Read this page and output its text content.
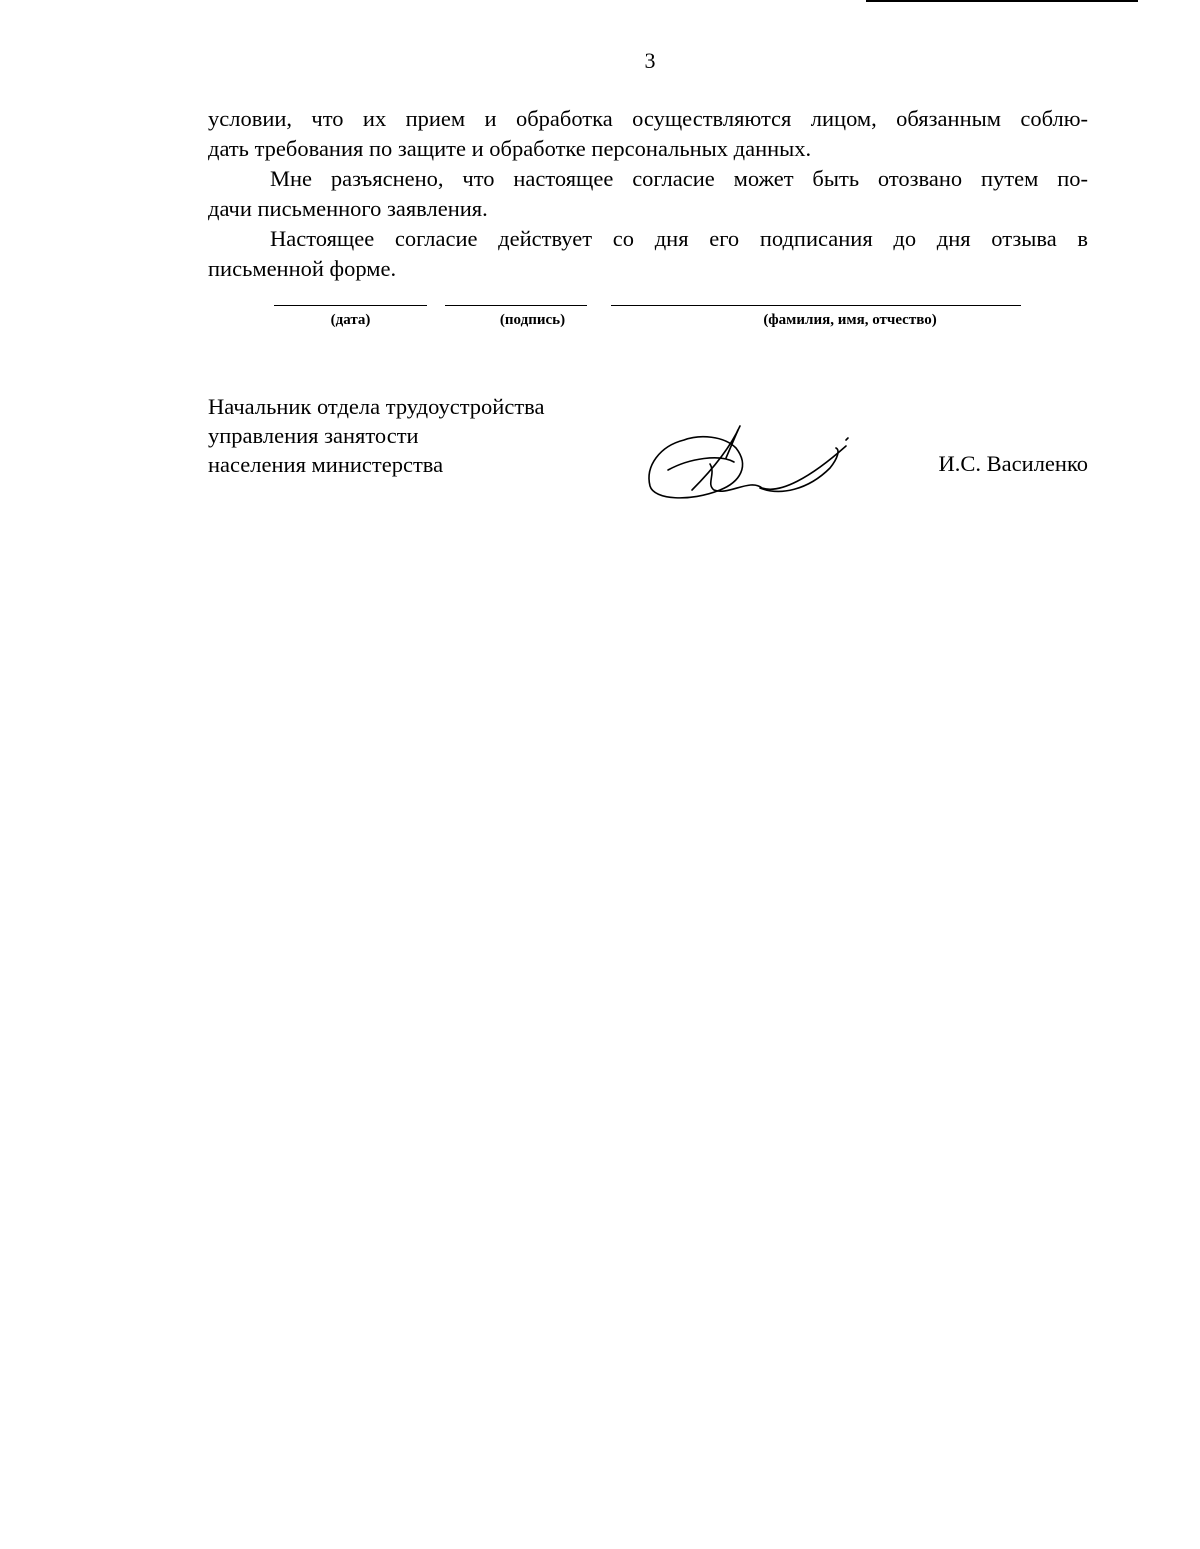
3

условии, что их прием и обработка осуществляются лицом, обязанным соблю-
дать требования по защите и обработке персональных данных.

Мне разъяснено, что настоящее согласие может быть отозвано путем по-
дачи письменного заявления.

Настоящее согласие действует со дня его подписания до дня отзыва в
письменной форме.

(дата)	(подпись)	(фамилия, имя, отчество)
Начальник отдела трудоустройства
управления занятости
населения министерства	И.С. Василенко
